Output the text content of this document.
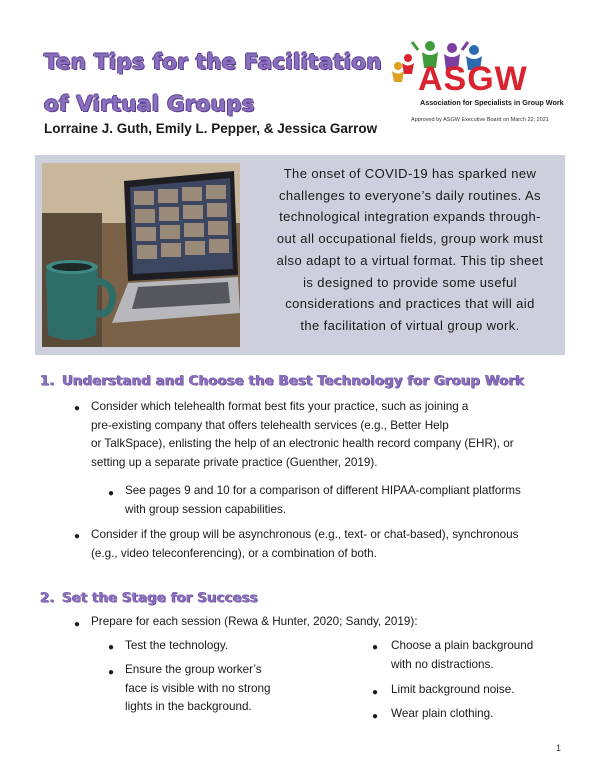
Ten Tips for the Facilitation
of Virtual Groups
Lorraine J. Guth, Emily L. Pepper, & Jessica Garrow
ASGW
Association for Specialists in Group Work
Approved by ASGW Executive Board on March 22, 2021
The onset of COVID-19 has sparked new
challenges to everyone’s daily routines. As
technological integration expands through-
out all occupational fields, group work must
also adapt to a virtual format. This tip sheet
is designed to provide some useful
considerations and practices that will aid
the facilitation of virtual group work.
1. Understand and Choose the Best Technology for Group Work
● Consider which telehealth format best fits your practice, such as joining a
pre-existing company that offers telehealth services (e.g., Better Help
or TalkSpace), enlisting the help of an electronic health record company (EHR), or
setting up a separate private practice (Guenther, 2019).
● See pages 9 and 10 for a comparison of different HIPAA-compliant platforms
with group session capabilities.
● Consider if the group will be asynchronous (e.g., text- or chat-based), synchronous
(e.g., video teleconferencing), or a combination of both.
2. Set the Stage for Success
● Prepare for each session (Rewa & Hunter, 2020; Sandy, 2019):
● Test the technology.
● Ensure the group worker’s
face is visible with no strong
lights in the background.
● Choose a plain background
with no distractions.
● Limit background noise.
● Wear plain clothing.
1
